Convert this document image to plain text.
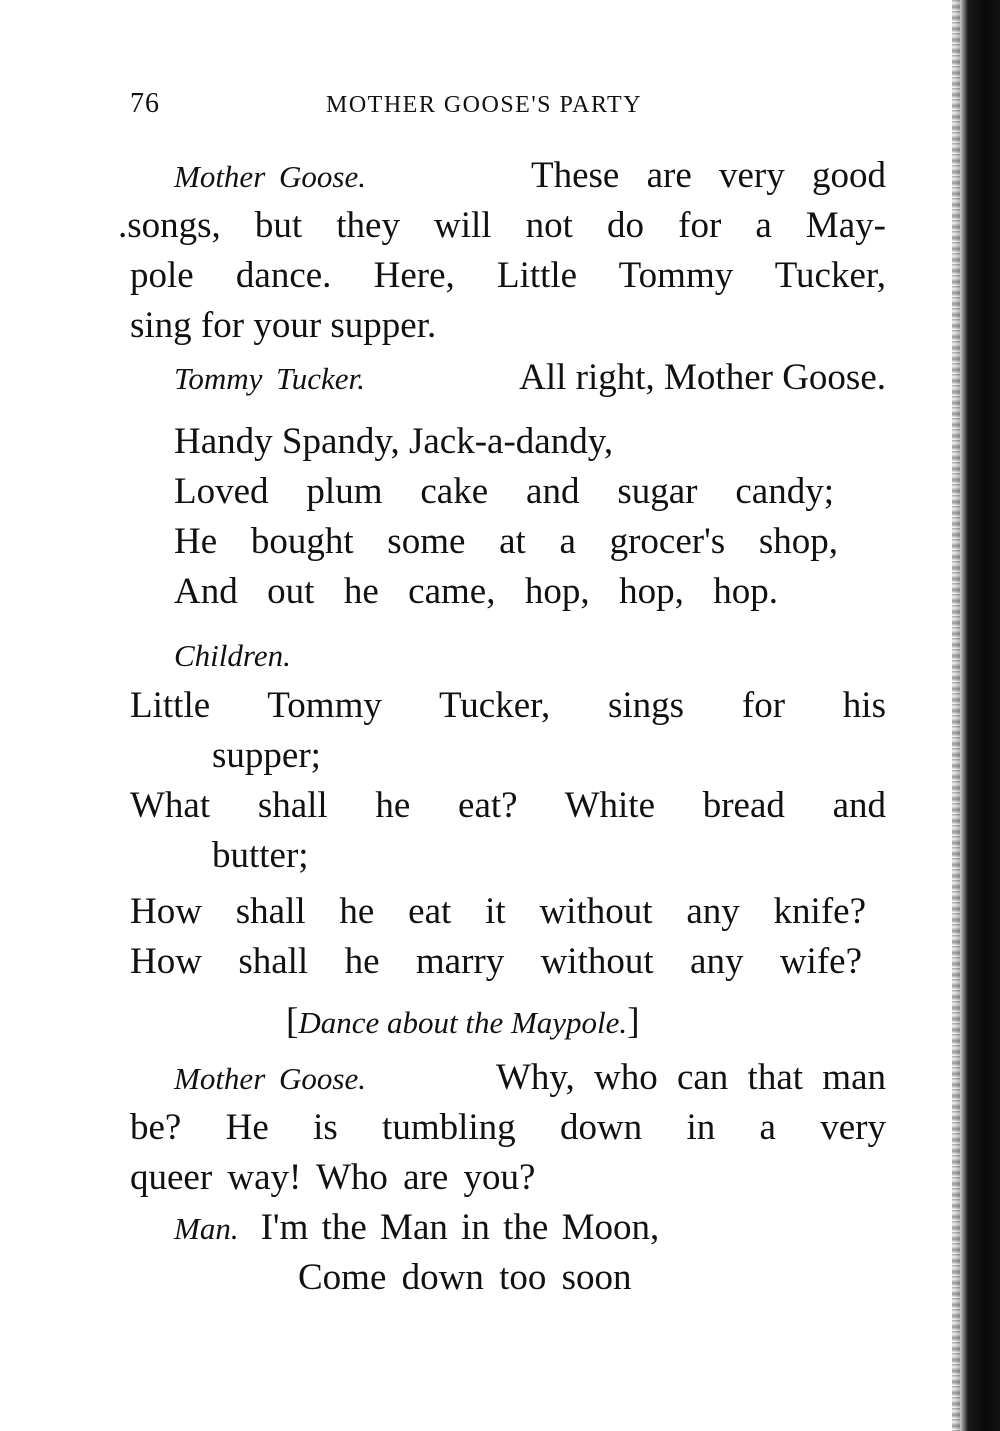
76	MOTHER GOOSE'S PARTY
Mother Goose.	These are very good
.songs, but they will not do for a May-
pole dance. Here, Little Tommy Tucker,
sing for your supper.
Tommy Tucker.	All right, Mother Goose.
Handy Spandy, Jack-a-dandy,
Loved plum cake and sugar candy;
He bought some at a grocer's shop,
And out he came, hop, hop, hop.
Children.
Little Tommy Tucker, sings for his
supper;
What shall he eat? White bread and
butter;
How shall he eat it without any knife?
How shall he marry without any wife?
[Dance about the Maypole.]
Mother Goose.	Why, who can that man
be? He is tumbling down in a very
queer way! Who are you?
Man. I'm the Man in the Moon,
Come down too soon
